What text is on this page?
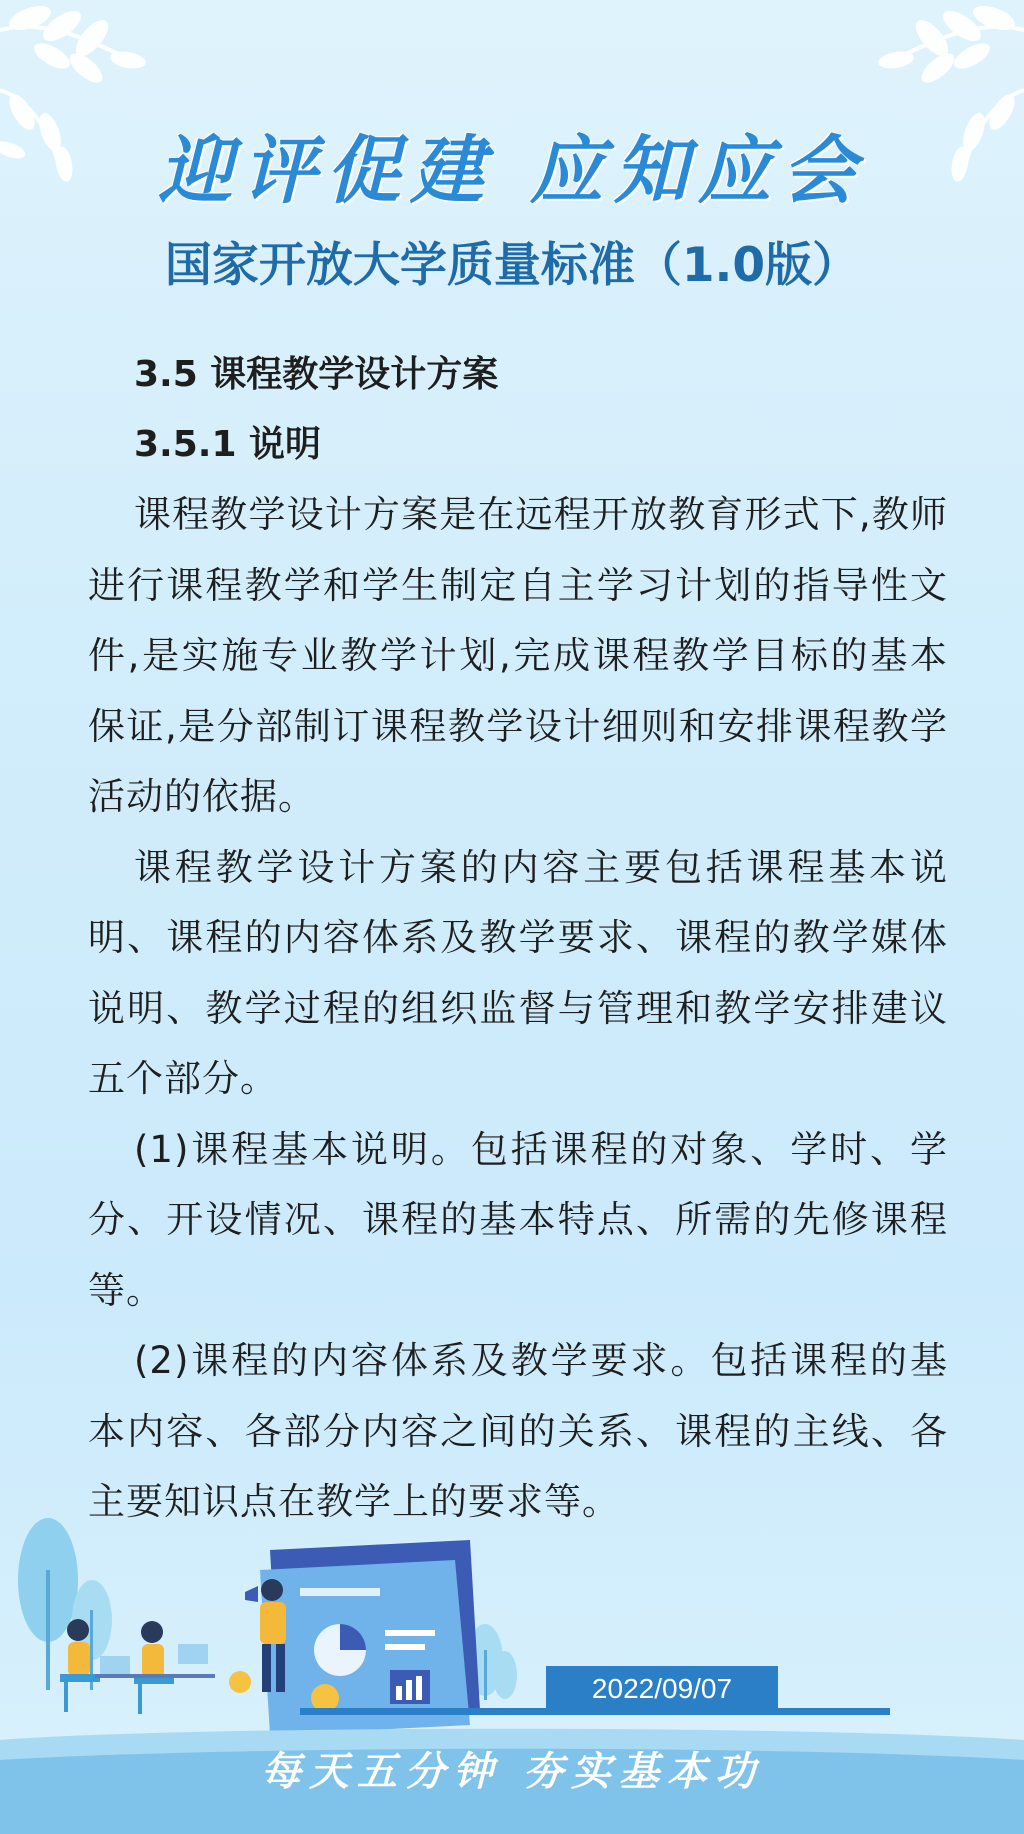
迎评促建 应知应会
国家开放大学质量标准（1.0版）

3.5 课程教学设计方案

3.5.1 说明

课程教学设计方案是在远程开放教育形式下,教师进行课程教学和学生制定自主学习计划的指导性文件,是实施专业教学计划,完成课程教学目标的基本保证,是分部制订课程教学设计细则和安排课程教学活动的依据。

课程教学设计方案的内容主要包括课程基本说明、课程的内容体系及教学要求、课程的教学媒体说明、教学过程的组织监督与管理和教学安排建议五个部分。

(1)课程基本说明。包括课程的对象、学时、学分、开设情况、课程的基本特点、所需的先修课程等。

(2)课程的内容体系及教学要求。包括课程的基本内容、各部分内容之间的关系、课程的主线、各主要知识点在教学上的要求等。

2022/09/07
每天五分钟 夯实基本功
